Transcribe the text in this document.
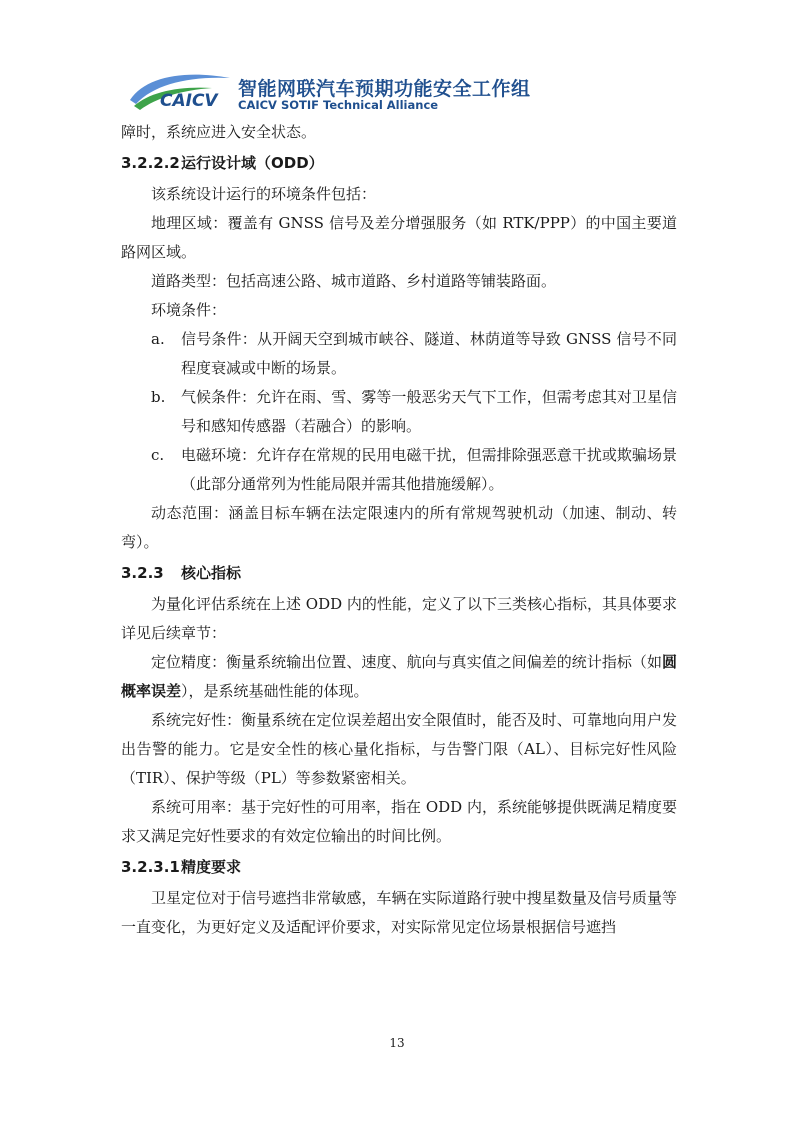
CAICV
智能网联汽车预期功能安全工作组
CAICV SOTIF Technical Alliance

障时，系统应进入安全状态。

3.2.2.2运行设计域（ODD）

该系统设计运行的环境条件包括：

地理区域：覆盖有 GNSS 信号及差分增强服务（如 RTK/PPP）的中国主要道路网区域。

道路类型：包括高速公路、城市道路、乡村道路等铺装路面。

环境条件：

a.	信号条件：从开阔天空到城市峡谷、隧道、林荫道等导致 GNSS 信号不同程度衰减或中断的场景。

b.	气候条件：允许在雨、雪、雾等一般恶劣天气下工作，但需考虑其对卫星信号和感知传感器（若融合）的影响。

c.	电磁环境：允许存在常规的民用电磁干扰，但需排除强恶意干扰或欺骗场景（此部分通常列为性能局限并需其他措施缓解）。

动态范围：涵盖目标车辆在法定限速内的所有常规驾驶机动（加速、制动、转弯）。

3.2.3 核心指标

为量化评估系统在上述 ODD 内的性能，定义了以下三类核心指标，其具体要求详见后续章节：

定位精度：衡量系统输出位置、速度、航向与真实值之间偏差的统计指标（如圆概率误差），是系统基础性能的体现。

系统完好性：衡量系统在定位误差超出安全限值时，能否及时、可靠地向用户发出告警的能力。它是安全性的核心量化指标，与告警门限（AL）、目标完好性风险（TIR）、保护等级（PL）等参数紧密相关。

系统可用率：基于完好性的可用率，指在 ODD 内，系统能够提供既满足精度要求又满足完好性要求的有效定位输出的时间比例。

3.2.3.1精度要求

卫星定位对于信号遮挡非常敏感，车辆在实际道路行驶中搜星数量及信号质量等一直变化，为更好定义及适配评价要求，对实际常见定位场景根据信号遮挡

13
